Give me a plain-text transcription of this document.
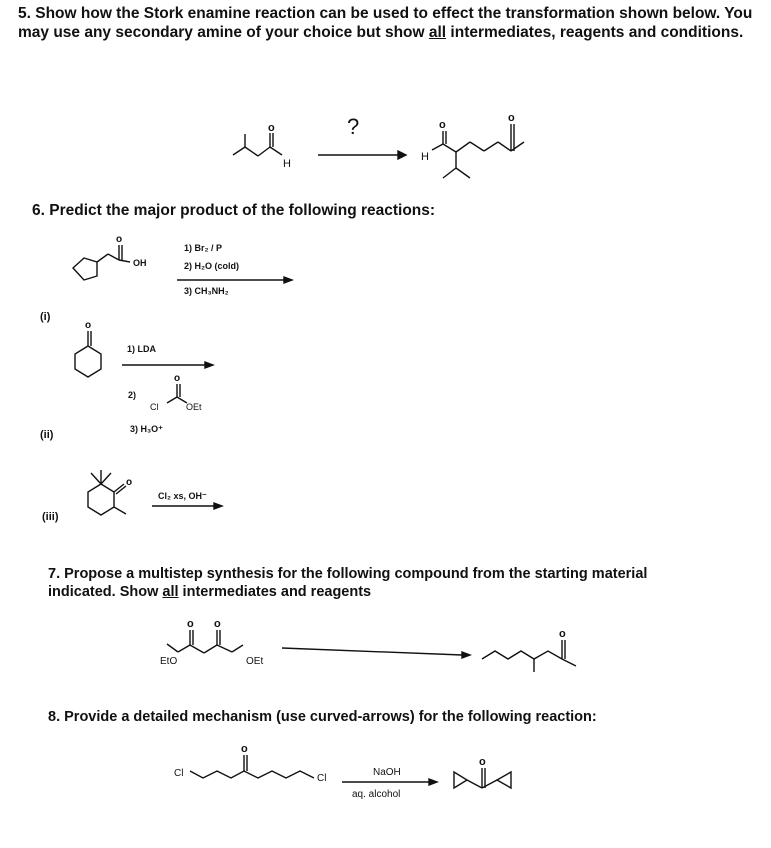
5. Show how the Stork enamine reaction can be used to effect the transformation shown below. You may use any secondary amine of your choice but show all intermediates, reagents and conditions.
6. Predict the major product of the following reactions:
7. Propose a multistep synthesis for the following compound from the starting material indicated. Show all intermediates and reagents
8. Provide a detailed mechanism (use curved-arrows) for the following reaction:
o
H
?	o
o
H
o
OH
1) Br₂ / P
2) H₂O (cold)
3) CH₃NH₂
(i)
o
1) LDA
2)
o
Cl	OEt
3) H₃O⁺
(ii)
o
Cl₂ xs, OH⁻
(iii)
o o
EtO	OEt
o
o
Cl	Cl
NaOH
aq. alcohol
o
